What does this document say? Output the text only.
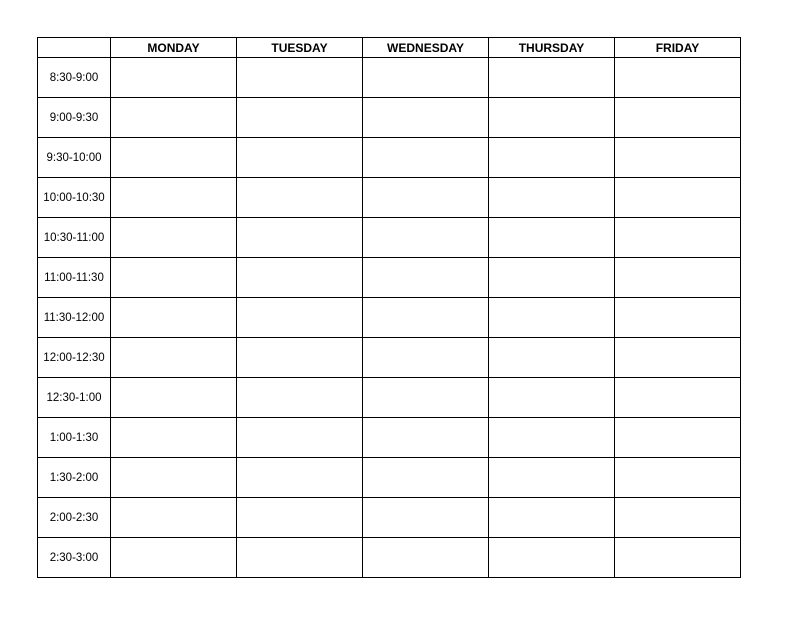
	MONDAY	TUESDAY	WEDNESDAY	THURSDAY	FRIDAY
8:30-9:00					
9:00-9:30					
9:30-10:00					
10:00-10:30					
10:30-11:00					
11:00-11:30					
11:30-12:00					
12:00-12:30					
12:30-1:00					
1:00-1:30					
1:30-2:00					
2:00-2:30					
2:30-3:00					
